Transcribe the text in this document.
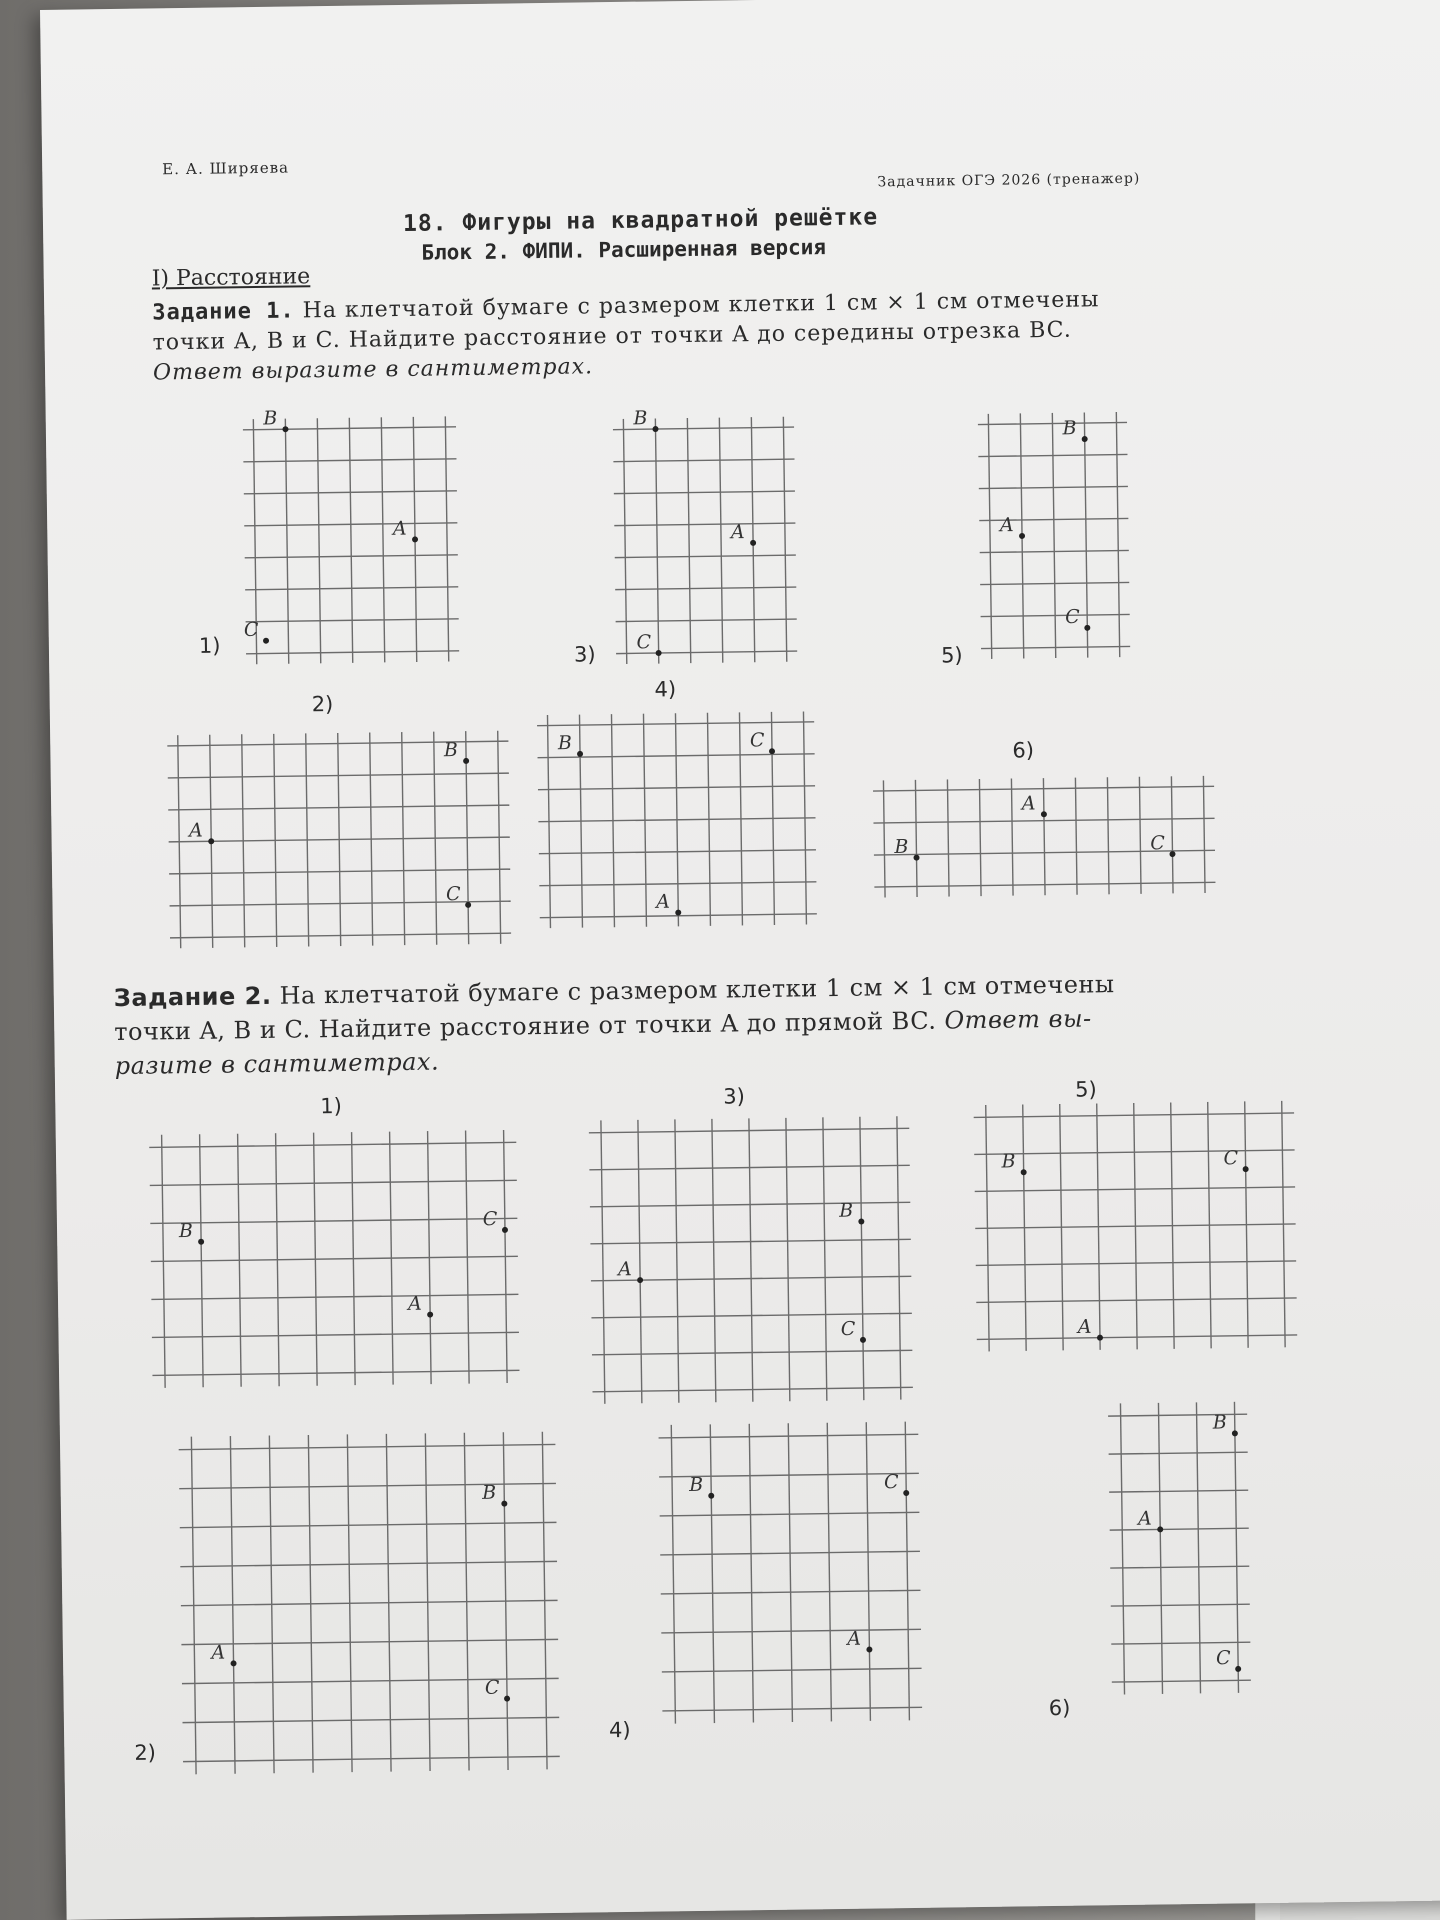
Е. А. Ширяева
Задачник ОГЭ 2026 (тренажер)
18. Фигуры на квадратной решётке
Блок 2. ФИПИ. Расширенная версия
I) Расстояние
Задание 1. На клетчатой бумаге с размером клетки 1 см × 1 см отмечены
точки A, B и C. Найдите расстояние от точки A до середины отрезка BC.
Ответ выразите в сантиметрах.
Задание 2. На клетчатой бумаге с размером клетки 1 см × 1 см отмечены
точки A, B и C. Найдите расстояние от точки A до прямой BC. Ответ вы-
разите в сантиметрах.
A
B
C
A
B
C
A
B
C
A
B	C
A
B
C
A
B	C
1)
2)
3)
4)
5)
6)
A
B
C
A
B
C
A
B
C
A
B	C
A
B	C
A
B
C
1)
2)
3)
4)
5)
6)
